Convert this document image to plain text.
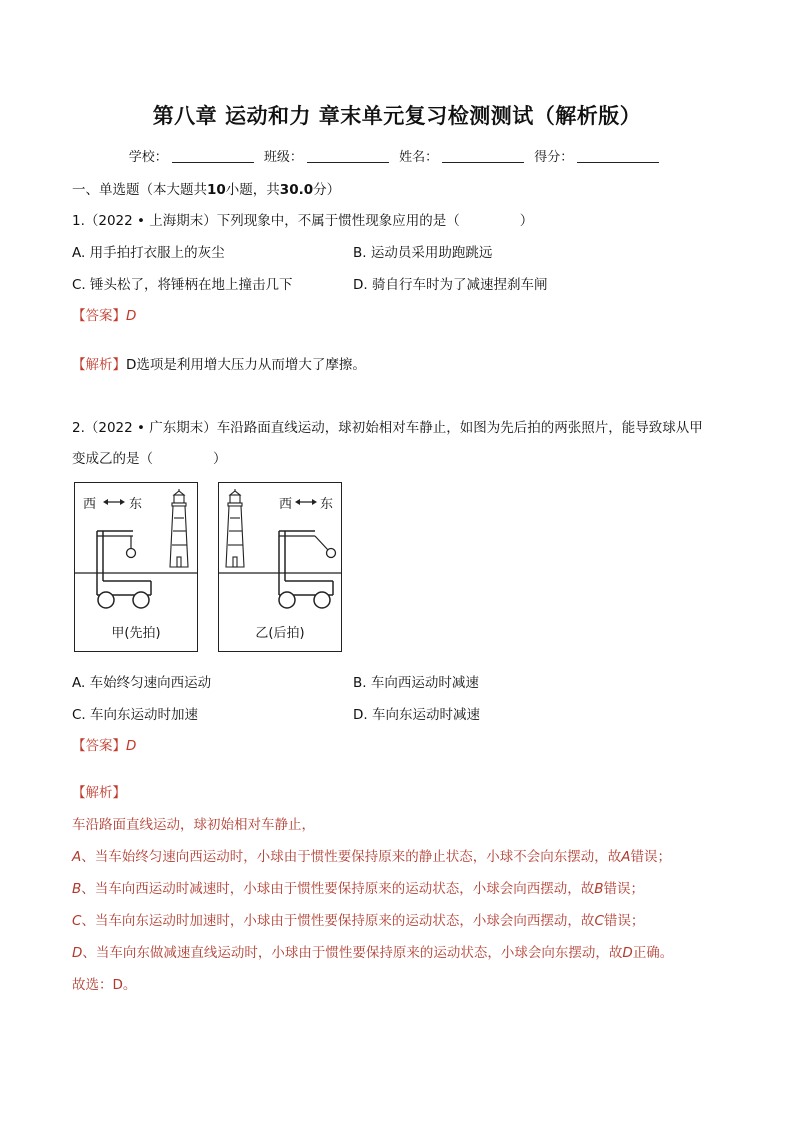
第八章 运动和力 章末单元复习检测测试（解析版）
学校：	班级：	姓名：	得分：
一、单选题（本大题共10小题，共30.0分）
1.（2022 • 上海期末）下列现象中，不属于惯性现象应用的是（	）
A. 用手拍打衣服上的灰尘	B. 运动员采用助跑跳远
C. 锤头松了，将锤柄在地上撞击几下	D. 骑自行车时为了减速捏刹车闸
【答案】D
【解析】D选项是利用增大压力从而增大了摩擦。
2.（2022 • 广东期末）车沿路面直线运动，球初始相对车静止，如图为先后拍的两张照片，能导致球从甲
变成乙的是（	）
西	东
甲(先拍)
西 东
乙(后拍)
A. 车始终匀速向西运动	B. 车向西运动时减速
C. 车向东运动时加速	D. 车向东运动时减速
【答案】D
【解析】
车沿路面直线运动，球初始相对车静止，
A、当车始终匀速向西运动时，小球由于惯性要保持原来的静止状态，小球不会向东摆动，故A错误；
B、当车向西运动时减速时，小球由于惯性要保持原来的运动状态，小球会向西摆动，故B错误；
C、当车向东运动时加速时，小球由于惯性要保持原来的运动状态，小球会向西摆动，故C错误；
D、当车向东做减速直线运动时，小球由于惯性要保持原来的运动状态，小球会向东摆动，故D正确。
故选：D。
